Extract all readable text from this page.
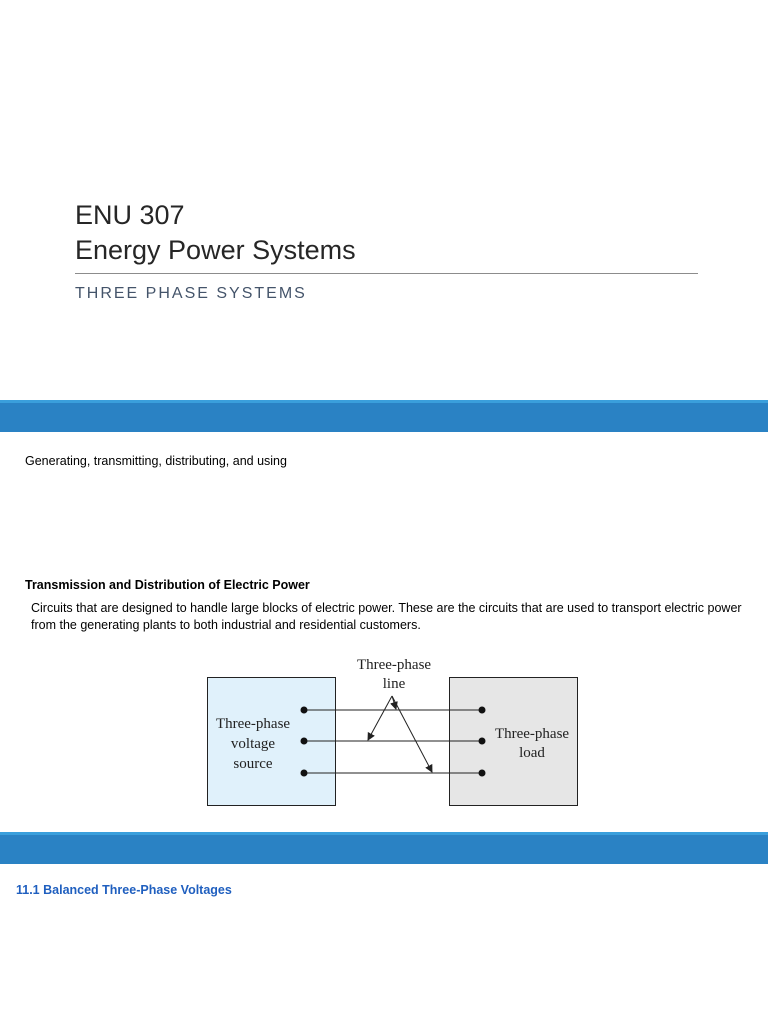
ENU 307
Energy Power Systems
THREE PHASE SYSTEMS
Generating, transmitting, distributing, and using
Transmission and Distribution of Electric Power
Circuits that are designed to handle large blocks of electric power. These are the circuits that are used to transport electric power from the generating plants to both industrial and residential customers.
Three-phase
line
Three-phase
voltage
source
Three-phase
load
11.1 Balanced Three-Phase Voltages
